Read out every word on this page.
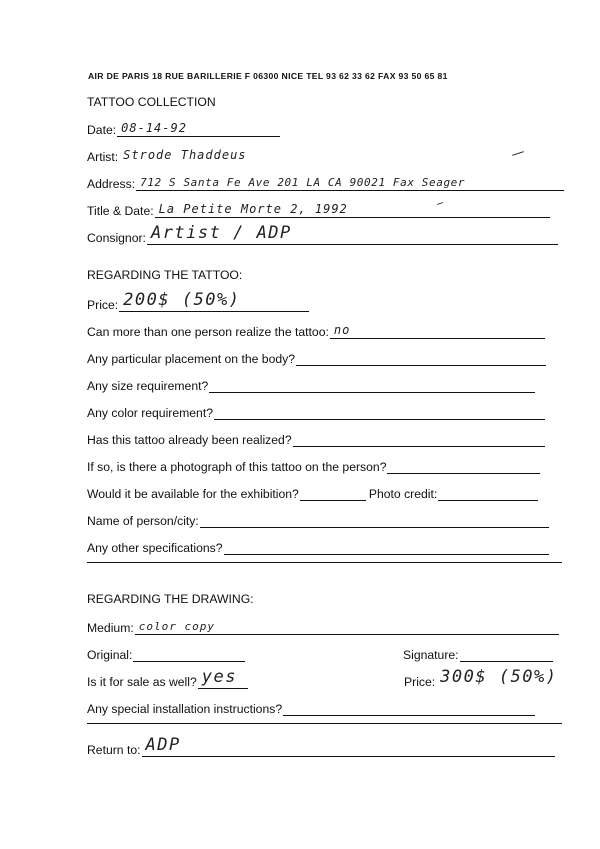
AIR DE PARIS 18 RUE BARILLERIE F 06300 NICE TEL 93 62 33 62 FAX 93 50 65 81
TATTOO COLLECTION
Date: 08-14-92
Artist: Strode Thaddeus
Address: 712 S Santa Fe Ave 201 LA CA 90021 Fax Seager
Title & Date: La Petite Morte 2, 1992
Consignor: Artist / ADP
REGARDING THE TATTOO:
Price: 200$ (50%)
Can more than one person realize the tattoo: no
Any particular placement on the body?
Any size requirement?
Any color requirement?
Has this tattoo already been realized?
If so, is there a photograph of this tattoo on the person?
Would it be available for the exhibition?	Photo credit:
Name of person/city:
Any other specifications?
REGARDING THE DRAWING:
Medium: color copy
Original:	Signature:
Is it for sale as well? yes	Price: 300$ (50%)
Any special installation instructions?
Return to: ADP
